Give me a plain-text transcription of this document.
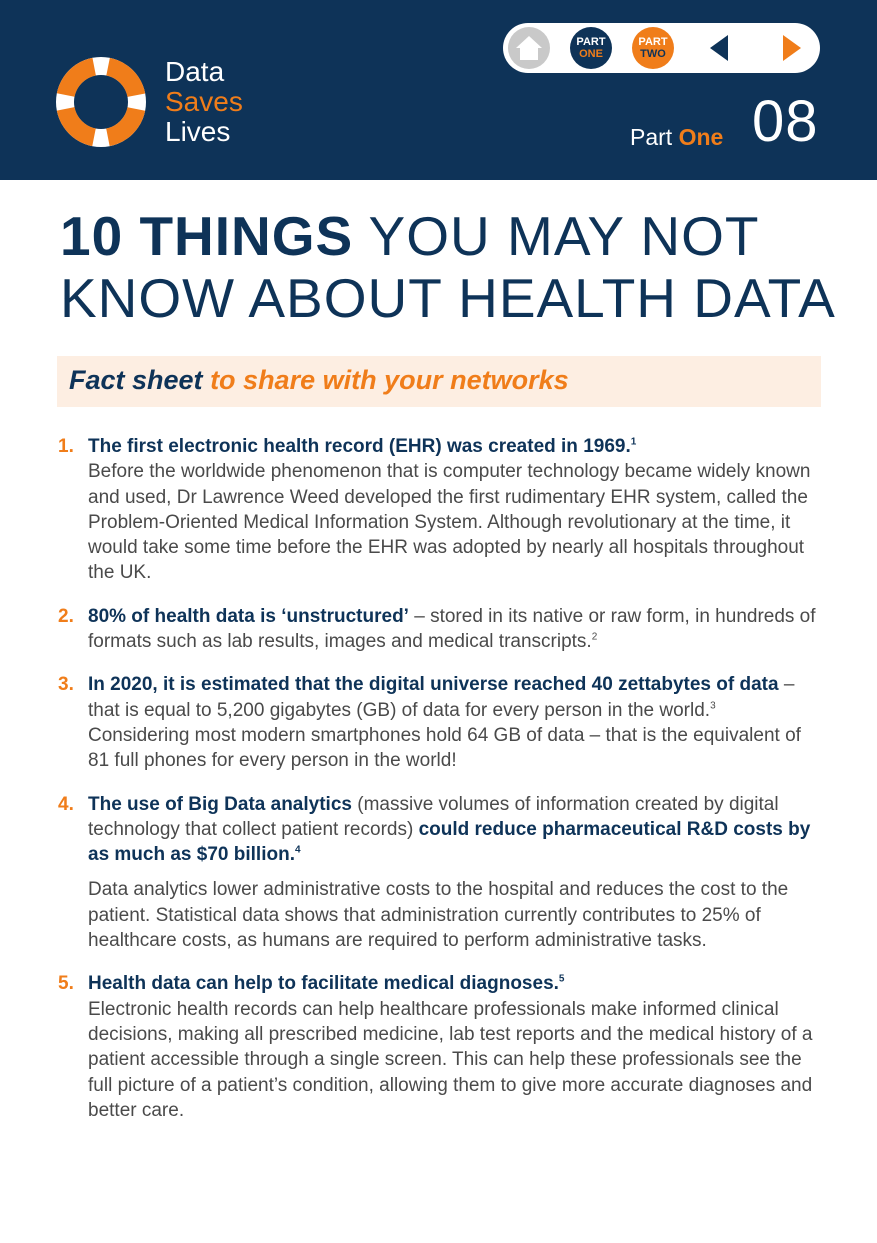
Data
Saves
Lives
PART
ONE
PART
TWO
Part One 08
10 THINGS YOU MAY NOT KNOW ABOUT HEALTH DATA
Fact sheet to share with your networks
1. The first electronic health record (EHR) was created in 1969.$^1$
Before the worldwide phenomenon that is computer technology became widely known and used, Dr Lawrence Weed developed the first rudimentary EHR system, called the Problem-Oriented Medical Information System. Although revolutionary at the time, it would take some time before the EHR was adopted by nearly all hospitals throughout the UK.

2. 80% of health data is ‘unstructured’ – stored in its native or raw form, in hundreds of formats such as lab results, images and medical transcripts.$^2$

3. In 2020, it is estimated that the digital universe reached 40 zettabytes of data – that is equal to 5,200 gigabytes (GB) of data for every person in the world.$^3$ Considering most modern smartphones hold 64 GB of data – that is the equivalent of 81 full phones for every person in the world!

4. The use of Big Data analytics (massive volumes of information created by digital technology that collect patient records) could reduce pharmaceutical R&D costs by as much as $70 billion.$^4$

Data analytics lower administrative costs to the hospital and reduces the cost to the patient. Statistical data shows that administration currently contributes to 25% of healthcare costs, as humans are required to perform administrative tasks.

5. Health data can help to facilitate medical diagnoses.$^5$
Electronic health records can help healthcare professionals make informed clinical decisions, making all prescribed medicine, lab test reports and the medical history of a patient accessible through a single screen. This can help these professionals see the full picture of a patient’s condition, allowing them to give more accurate diagnoses and better care.
